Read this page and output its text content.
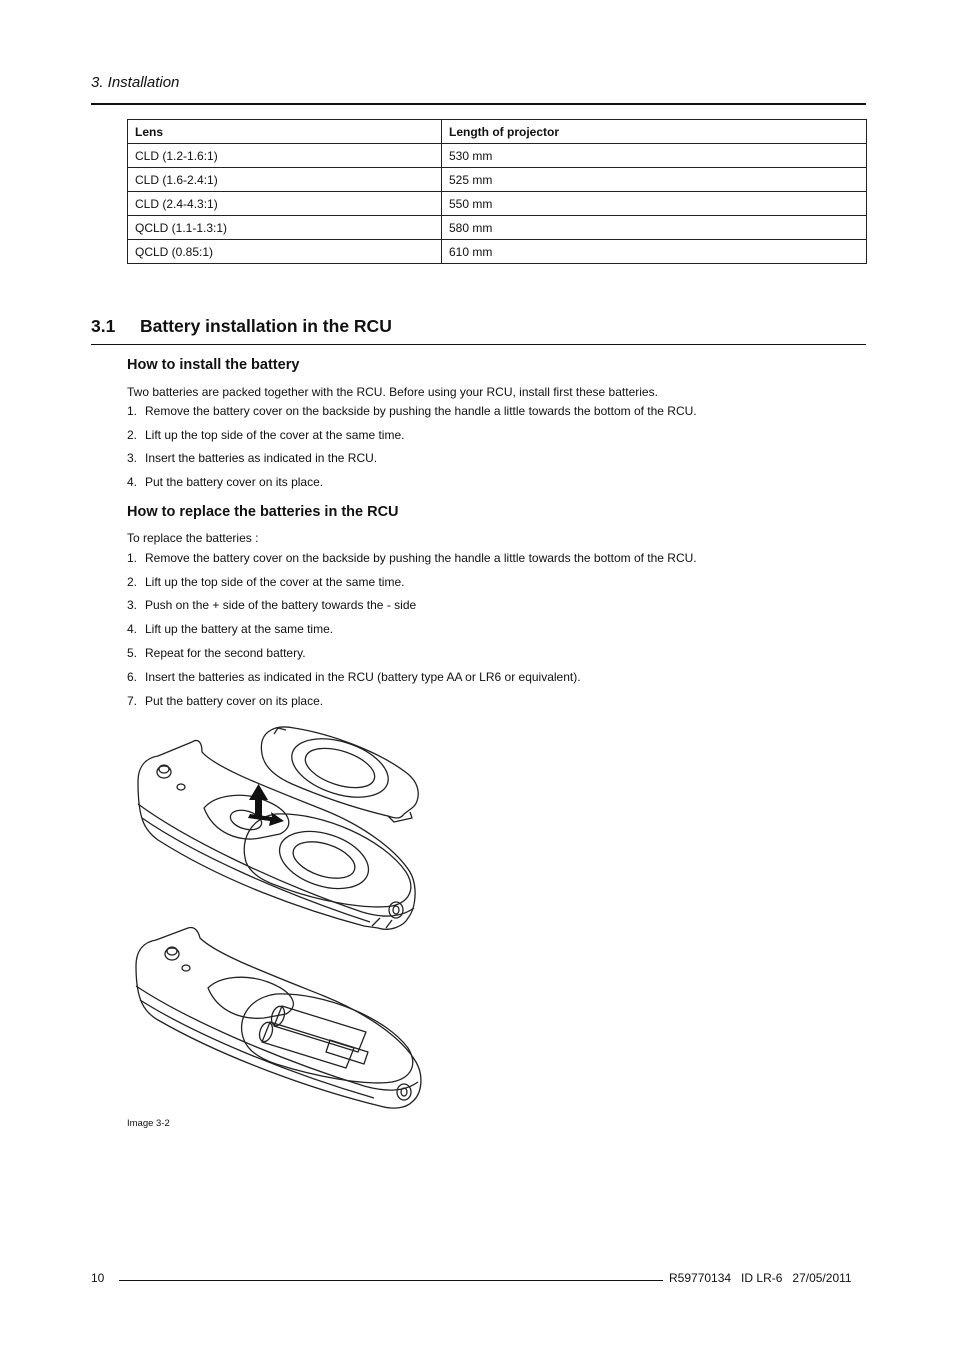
3. Installation
Lens	Length of projector
CLD (1.2-1.6:1)	530 mm
CLD (1.6-2.4:1)	525 mm
CLD (2.4-4.3:1)	550 mm
QCLD (1.1-1.3:1)	580 mm
QCLD (0.85:1)	610 mm
3.1 Battery installation in the RCU
How to install the battery
Two batteries are packed together with the RCU. Before using your RCU, install first these batteries.
1. Remove the battery cover on the backside by pushing the handle a little towards the bottom of the RCU.
2. Lift up the top side of the cover at the same time.
3. Insert the batteries as indicated in the RCU.
4. Put the battery cover on its place.
How to replace the batteries in the RCU
To replace the batteries :
1. Remove the battery cover on the backside by pushing the handle a little towards the bottom of the RCU.
2. Lift up the top side of the cover at the same time.
3. Push on the + side of the battery towards the - side
4. Lift up the battery at the same time.
5. Repeat for the second battery.
6. Insert the batteries as indicated in the RCU (battery type AA or LR6 or equivalent).
7. Put the battery cover on its place.
Image 3-2
10	R59770134   ID LR-6   27/05/2011
